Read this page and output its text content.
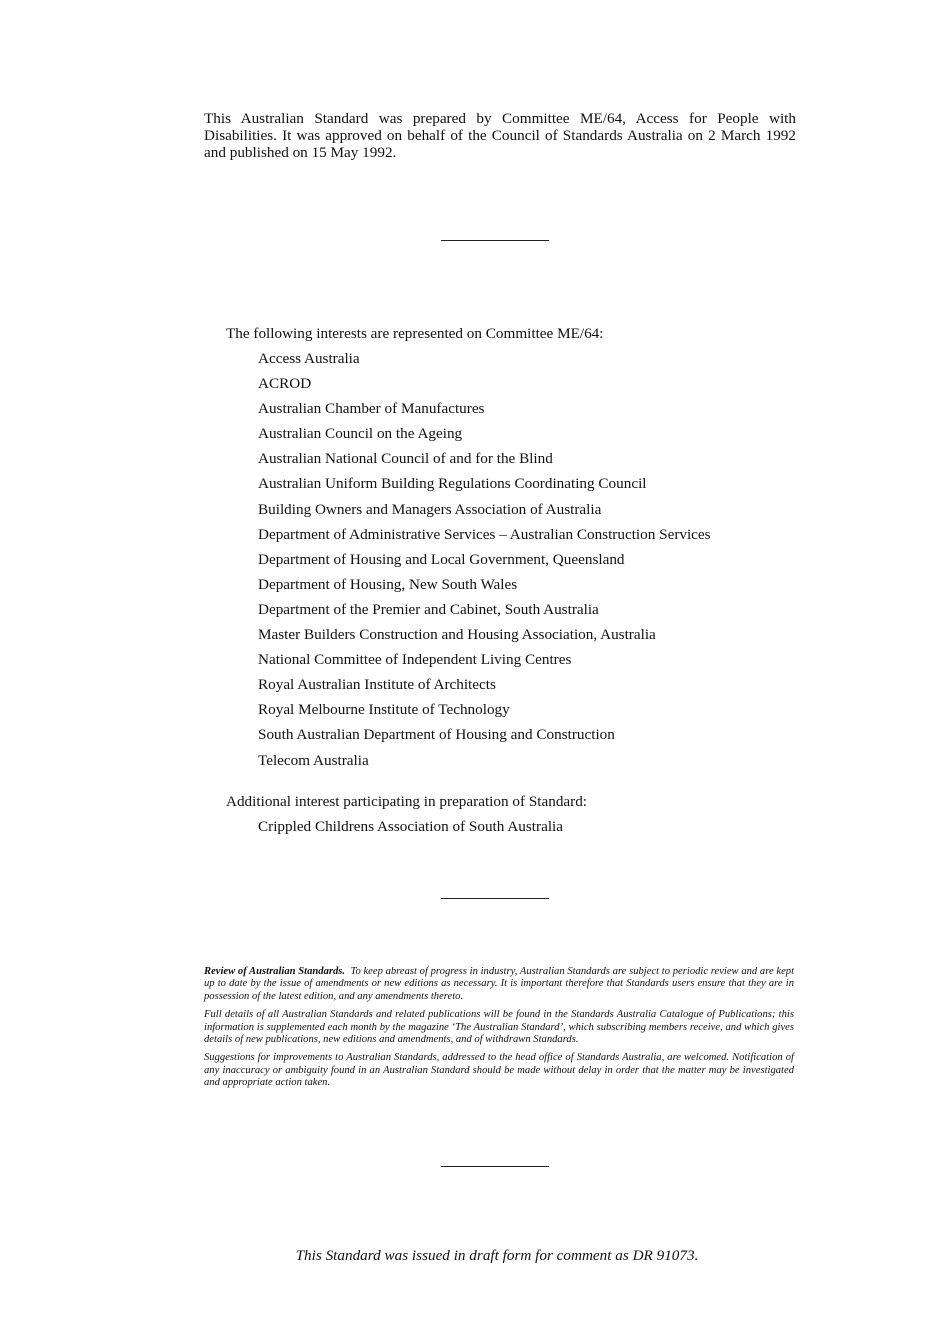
This Australian Standard was prepared by Committee ME/64, Access for People with Disabilities. It was approved on behalf of the Council of Standards Australia on 2 March 1992 and published on 15 May 1992.

The following interests are represented on Committee ME/64:

Access Australia
ACROD
Australian Chamber of Manufactures
Australian Council on the Ageing
Australian National Council of and for the Blind
Australian Uniform Building Regulations Coordinating Council
Building Owners and Managers Association of Australia
Department of Administrative Services – Australian Construction Services
Department of Housing and Local Government, Queensland
Department of Housing, New South Wales
Department of the Premier and Cabinet, South Australia
Master Builders Construction and Housing Association, Australia
National Committee of Independent Living Centres
Royal Australian Institute of Architects
Royal Melbourne Institute of Technology
South Australian Department of Housing and Construction
Telecom Australia

Additional interest participating in preparation of Standard:

Crippled Childrens Association of South Australia

Review of Australian Standards. To keep abreast of progress in industry, Australian Standards are subject to periodic review and are kept up to date by the issue of amendments or new editions as necessary. It is important therefore that Standards users ensure that they are in possession of the latest edition, and any amendments thereto.

Full details of all Australian Standards and related publications will be found in the Standards Australia Catalogue of Publications; this information is supplemented each month by the magazine ‘The Australian Standard’, which subscribing members receive, and which gives details of new publications, new editions and amendments, and of withdrawn Standards.

Suggestions for improvements to Australian Standards, addressed to the head office of Standards Australia, are welcomed. Notification of any inaccuracy or ambiguity found in an Australian Standard should be made without delay in order that the matter may be investigated and appropriate action taken.

This Standard was issued in draft form for comment as DR 91073.
